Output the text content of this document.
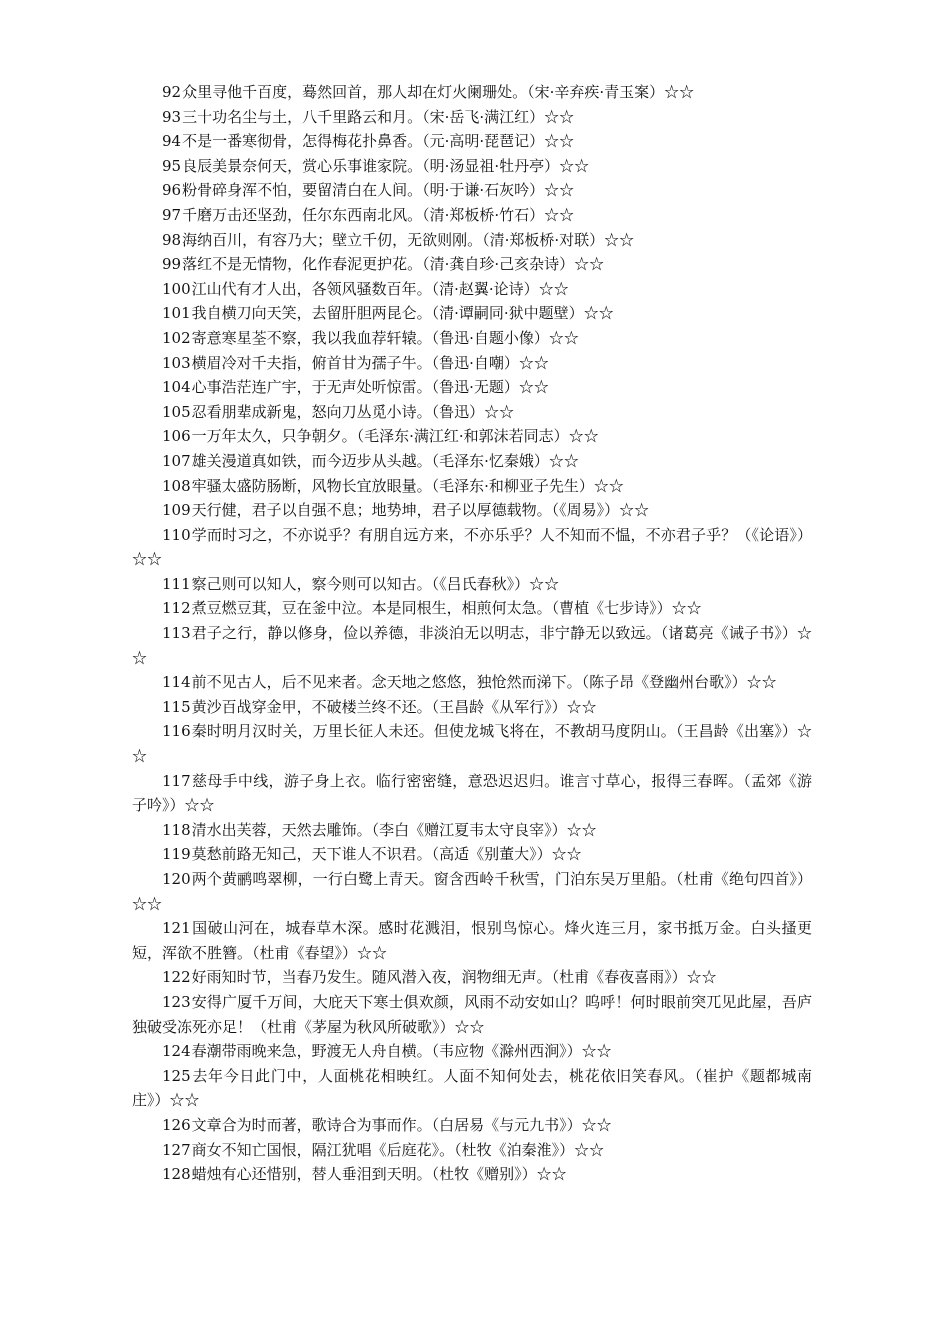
92众里寻他千百度，蓦然回首，那人却在灯火阑珊处。（宋·辛弃疾·青玉案）☆☆

93三十功名尘与土，八千里路云和月。（宋·岳飞·满江红）☆☆

94不是一番寒彻骨，怎得梅花扑鼻香。（元·高明·琵琶记）☆☆

95良辰美景奈何天，赏心乐事谁家院。（明·汤显祖·牡丹亭）☆☆

96粉骨碎身浑不怕，要留清白在人间。（明·于谦·石灰吟）☆☆

97千磨万击还坚劲，任尔东西南北风。（清·郑板桥·竹石）☆☆

98海纳百川，有容乃大；壁立千仞，无欲则刚。（清·郑板桥·对联）☆☆

99落红不是无情物，化作春泥更护花。（清·龚自珍·己亥杂诗）☆☆

100江山代有才人出，各领风骚数百年。（清·赵翼·论诗）☆☆

101我自横刀向天笑，去留肝胆两昆仑。（清·谭嗣同·狱中题壁）☆☆

102寄意寒星荃不察，我以我血荐轩辕。（鲁迅·自题小像）☆☆

103横眉冷对千夫指，俯首甘为孺子牛。（鲁迅·自嘲）☆☆

104心事浩茫连广宇，于无声处听惊雷。（鲁迅·无题）☆☆

105忍看朋辈成新鬼，怒向刀丛觅小诗。（鲁迅）☆☆

106一万年太久，只争朝夕。（毛泽东·满江红·和郭沫若同志）☆☆

107雄关漫道真如铁，而今迈步从头越。（毛泽东·忆秦娥）☆☆

108牢骚太盛防肠断，风物长宜放眼量。（毛泽东·和柳亚子先生）☆☆

109天行健，君子以自强不息；地势坤，君子以厚德载物。（《周易》）☆☆

110学而时习之，不亦说乎？有朋自远方来，不亦乐乎？人不知而不愠，不亦君子乎？（《论语》）☆☆

111察己则可以知人，察今则可以知古。（《吕氏春秋》）☆☆

112煮豆燃豆萁，豆在釜中泣。本是同根生，相煎何太急。（曹植《七步诗》）☆☆

113君子之行，静以修身，俭以养德，非淡泊无以明志，非宁静无以致远。（诸葛亮《诫子书》）☆☆

114前不见古人，后不见来者。念天地之悠悠，独怆然而涕下。（陈子昂《登幽州台歌》）☆☆

115黄沙百战穿金甲，不破楼兰终不还。（王昌龄《从军行》）☆☆

116秦时明月汉时关，万里长征人未还。但使龙城飞将在，不教胡马度阴山。（王昌龄《出塞》）☆☆

117慈母手中线，游子身上衣。临行密密缝，意恐迟迟归。谁言寸草心，报得三春晖。（孟郊《游子吟》）☆☆

118清水出芙蓉，天然去雕饰。（李白《赠江夏韦太守良宰》）☆☆

119莫愁前路无知己，天下谁人不识君。（高适《别董大》）☆☆

120两个黄鹂鸣翠柳，一行白鹭上青天。窗含西岭千秋雪，门泊东吴万里船。（杜甫《绝句四首》）☆☆

121国破山河在，城春草木深。感时花溅泪，恨别鸟惊心。烽火连三月，家书抵万金。白头搔更短，浑欲不胜簪。（杜甫《春望》）☆☆

122好雨知时节，当春乃发生。随风潜入夜，润物细无声。（杜甫《春夜喜雨》）☆☆

123安得广厦千万间，大庇天下寒士俱欢颜，风雨不动安如山？呜呼！何时眼前突兀见此屋，吾庐独破受冻死亦足！（杜甫《茅屋为秋风所破歌》）☆☆

124春潮带雨晚来急，野渡无人舟自横。（韦应物《滁州西涧》）☆☆

125去年今日此门中，人面桃花相映红。人面不知何处去，桃花依旧笑春风。（崔护《题都城南庄》）☆☆

126文章合为时而著，歌诗合为事而作。（白居易《与元九书》）☆☆

127商女不知亡国恨，隔江犹唱《后庭花》。（杜牧《泊秦淮》）☆☆

128蜡烛有心还惜别，替人垂泪到天明。（杜牧《赠别》）☆☆
